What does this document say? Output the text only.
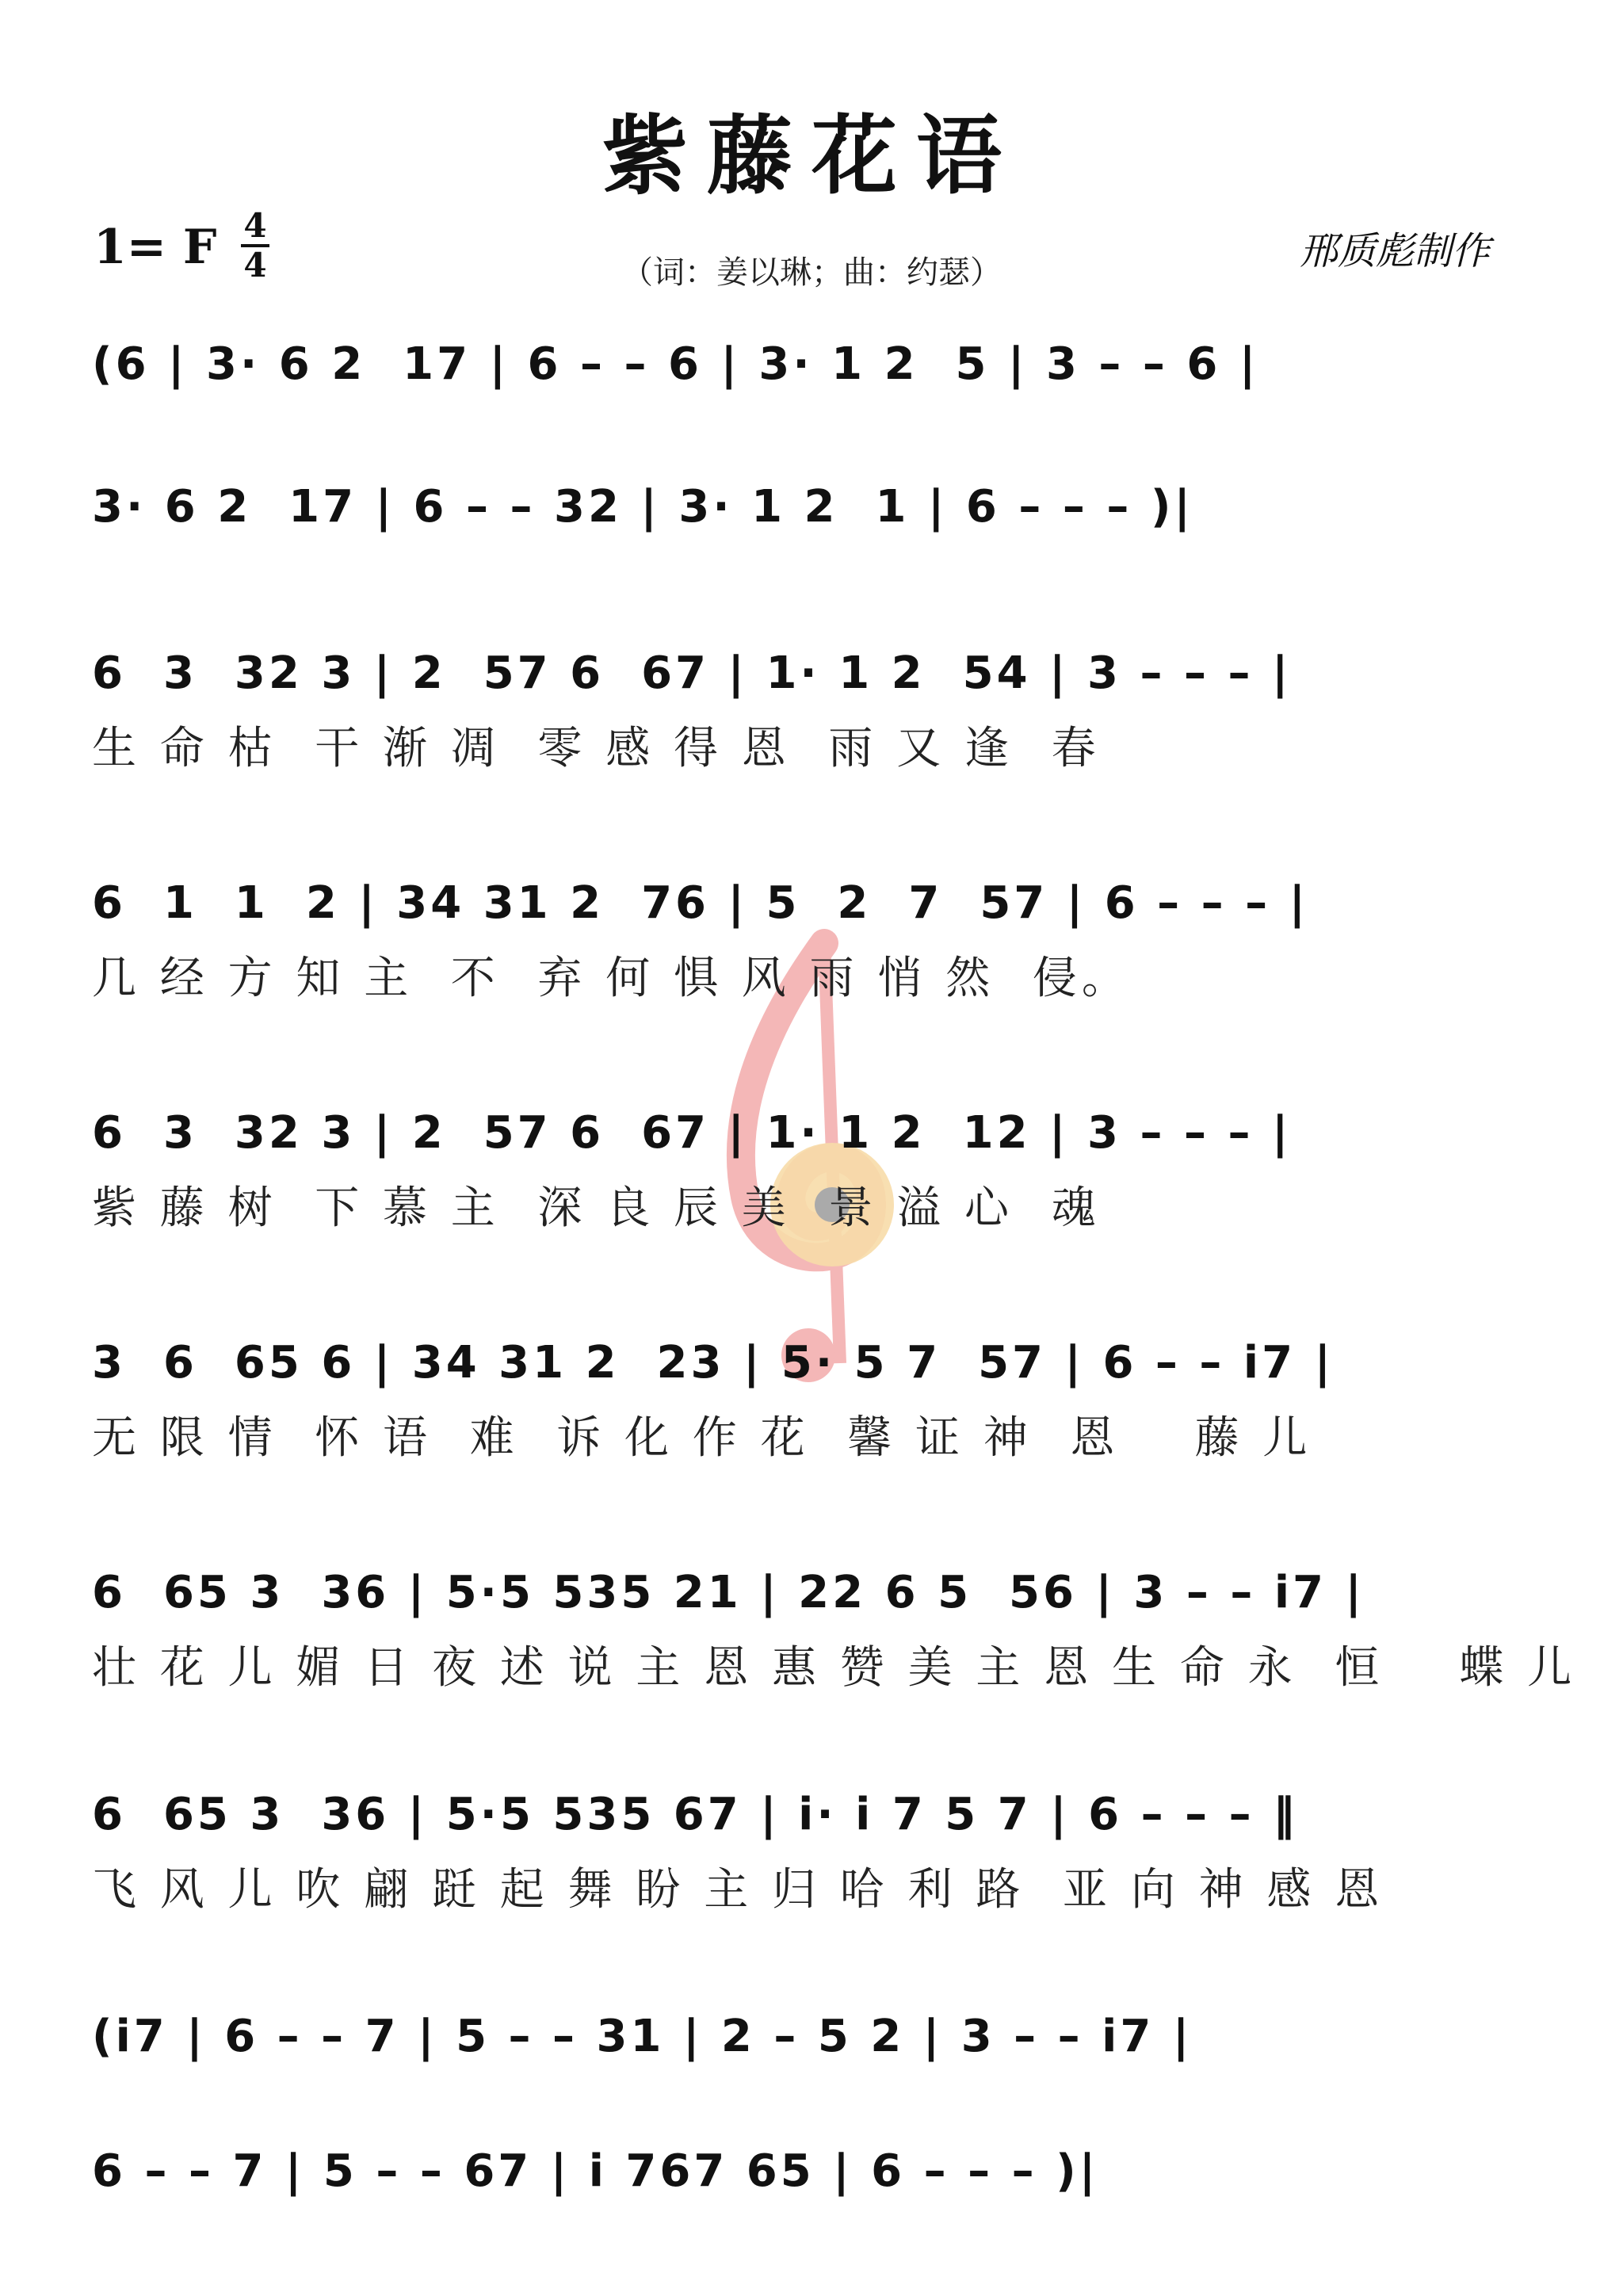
紫藤花语
1= F 4
4	（词：姜以琳；曲：约瑟）	邢质彪制作
(6 | 3· 6 2  17 | 6 – – 6 | 3· 1 2  5 | 3 – – 6 |
3· 6 2  17 | 6 – – 32 | 3· 1 2  1 | 6 – – – )|
6  3  32 3 | 2  57 6  67 | 1· 1 2  54 | 3 – – – |
生 命 枯  干 渐 凋  零 感 得 恩  雨 又 逢  春
6  1  1  2 | 34 31 2  76 | 5  2  7  57 | 6 – – – |
几 经 方 知 主  不  弃 何 惧 风 雨 悄 然  侵。
6  3  32 3 | 2  57 6  67 | 1· 1 2  12 | 3 – – – |
紫 藤 树  下 慕 主  深 良 辰 美  景 溢 心  魂
3  6  65 6 | 34 31 2  23 | 5· 5 7  57 | 6 – – i7 |
无 限 情  怀 语  难  诉 化 作 花  馨 证 神  恩    藤 儿
6  65 3  36 | 5·5 535 21 | 22 6 5  56 | 3 – – i7 |
壮 花 儿 媚 日 夜 述 说 主 恩 惠 赞 美 主 恩 生 命 永  恒    蝶 儿
6  65 3  36 | 5·5 535 67 | i· i 7 5 7 | 6 – – – ‖
飞 风 儿 吹 翩 跹 起 舞 盼 主 归 哈 利 路  亚 向 神 感 恩
(i7 | 6 – – 7 | 5 – – 31 | 2 – 5 2 | 3 – – i7 |
6 – – 7 | 5 – – 67 | i 767 65 | 6 – – – )|
